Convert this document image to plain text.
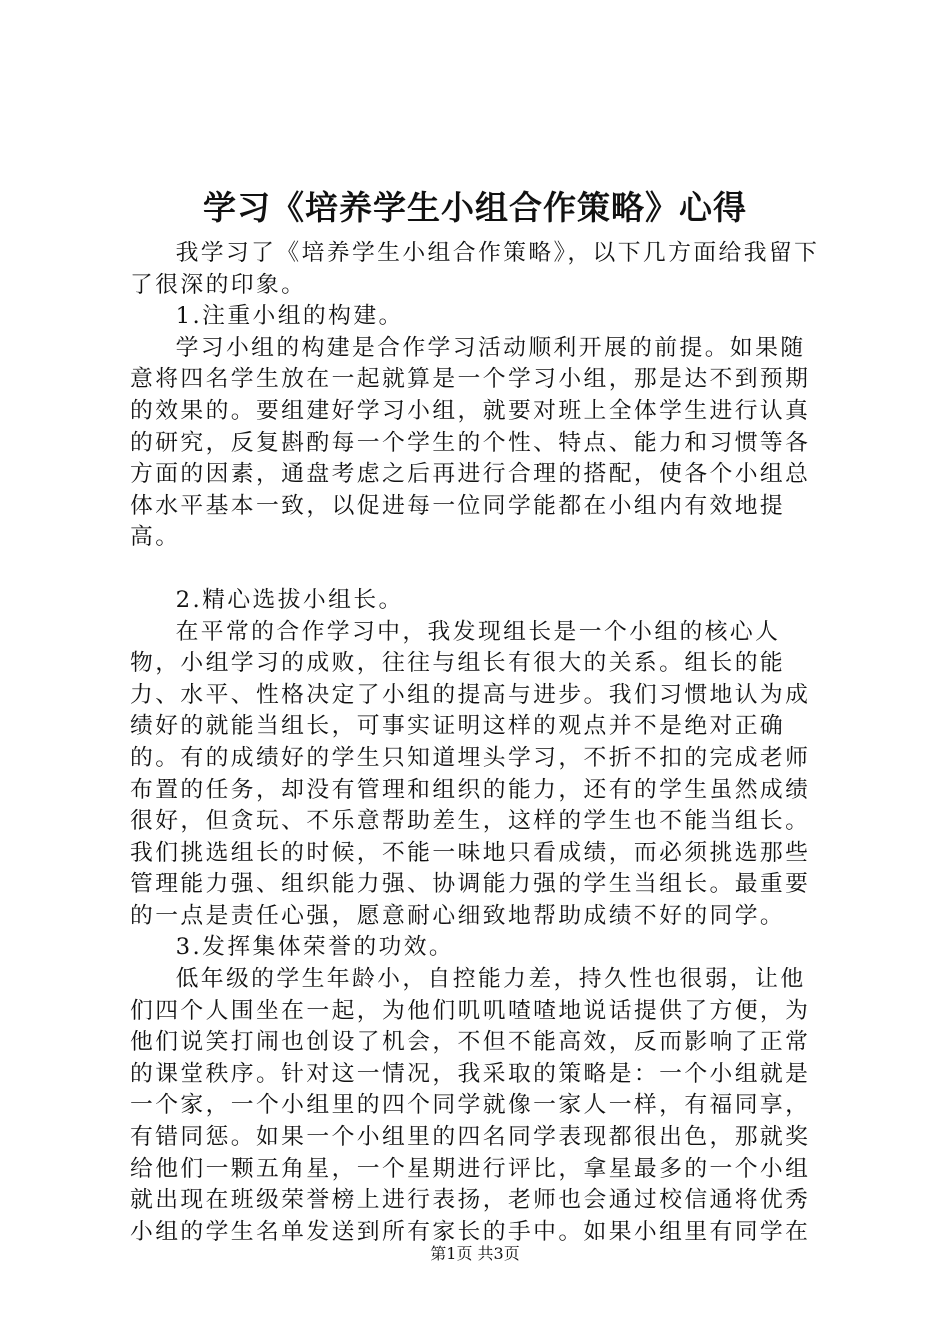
学习《培养学生小组合作策略》心得

我学习了《培养学生小组合作策略》，以下几方面给我留下了很深的印象。

1.注重小组的构建。

学习小组的构建是合作学习活动顺利开展的前提。如果随意将四名学生放在一起就算是一个学习小组，那是达不到预期的效果的。要组建好学习小组，就要对班上全体学生进行认真的研究，反复斟酌每一个学生的个性、特点、能力和习惯等各方面的因素，通盘考虑之后再进行合理的搭配，使各个小组总体水平基本一致，以促进每一位同学能都在小组内有效地提高。

2.精心选拔小组长。

在平常的合作学习中，我发现组长是一个小组的核心人物，小组学习的成败，往往与组长有很大的关系。组长的能力、水平、性格决定了小组的提高与进步。我们习惯地认为成绩好的就能当组长，可事实证明这样的观点并不是绝对正确的。有的成绩好的学生只知道埋头学习，不折不扣的完成老师布置的任务，却没有管理和组织的能力，还有的学生虽然成绩很好，但贪玩、不乐意帮助差生，这样的学生也不能当组长。我们挑选组长的时候，不能一味地只看成绩，而必须挑选那些管理能力强、组织能力强、协调能力强的学生当组长。最重要的一点是责任心强，愿意耐心细致地帮助成绩不好的同学。

3.发挥集体荣誉的功效。

低年级的学生年龄小，自控能力差，持久性也很弱，让他们四个人围坐在一起，为他们叽叽喳喳地说话提供了方便，为他们说笑打闹也创设了机会，不但不能高效，反而影响了正常的课堂秩序。针对这一情况，我采取的策略是：一个小组就是一个家，一个小组里的四个同学就像一家人一样，有福同享，有错同惩。如果一个小组里的四名同学表现都很出色，那就奖给他们一颗五角星，一个星期进行评比，拿星最多的一个小组就出现在班级荣誉榜上进行表扬，老师也会通过校信通将优秀小组的学生名单发送到所有家长的手中。如果小组里有同学在

第1页 共3页
